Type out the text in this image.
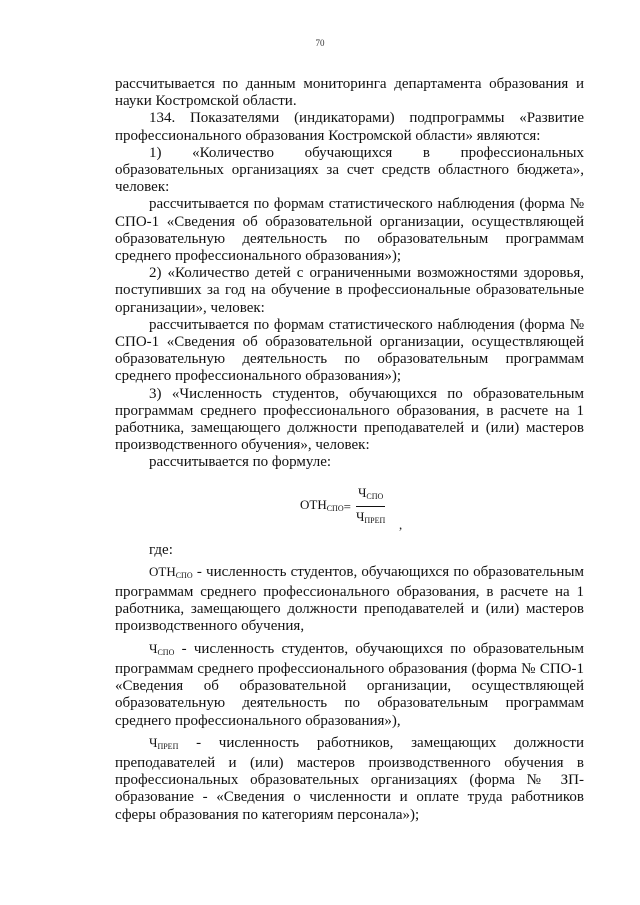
70

рассчитывается по данным мониторинга департамента образования и науки Костромской области.

134. Показателями (индикаторами) подпрограммы «Развитие профессионального образования Костромской области» являются:

1) «Количество обучающихся в профессиональных образовательных организациях за счет средств областного бюджета», человек:

рассчитывается по формам статистического наблюдения (форма № СПО-1 «Сведения об образовательной организации, осуществляющей образовательную деятельность по образовательным программам среднего профессионального образования»);

2) «Количество детей с ограниченными возможностями здоровья, поступивших за год на обучение в профессиональные образовательные организации», человек:

рассчитывается по формам статистического наблюдения (форма № СПО-1 «Сведения об образовательной организации, осуществляющей образовательную деятельность по образовательным программам среднего профессионального образования»);

3) «Численность студентов, обучающихся по образовательным программам среднего профессионального образования, в расчете на 1 работника, замещающего должности преподавателей и (или) мастеров производственного обучения», человек:

рассчитывается по формуле:

$ОТН_{СПО} = \frac{Ч_{СПО}}{Ч_{ПРЕП}}$ ,

где:

$ОТН_{СПО}$ - численность студентов, обучающихся по образовательным программам среднего профессионального образования, в расчете на 1 работника, замещающего должности преподавателей и (или) мастеров производственного обучения,

$Ч_{СПО}$ - численность студентов, обучающихся по образовательным программам среднего профессионального образования (форма № СПО-1 «Сведения об образовательной организации, осуществляющей образовательную деятельность по образовательным программам среднего профессионального образования»),

$Ч_{ПРЕП}$ - численность работников, замещающих должности преподавателей и (или) мастеров производственного обучения в профессиональных образовательных организациях (форма № ЗП-образование - «Сведения о численности и оплате труда работников сферы образования по категориям персонала»);
